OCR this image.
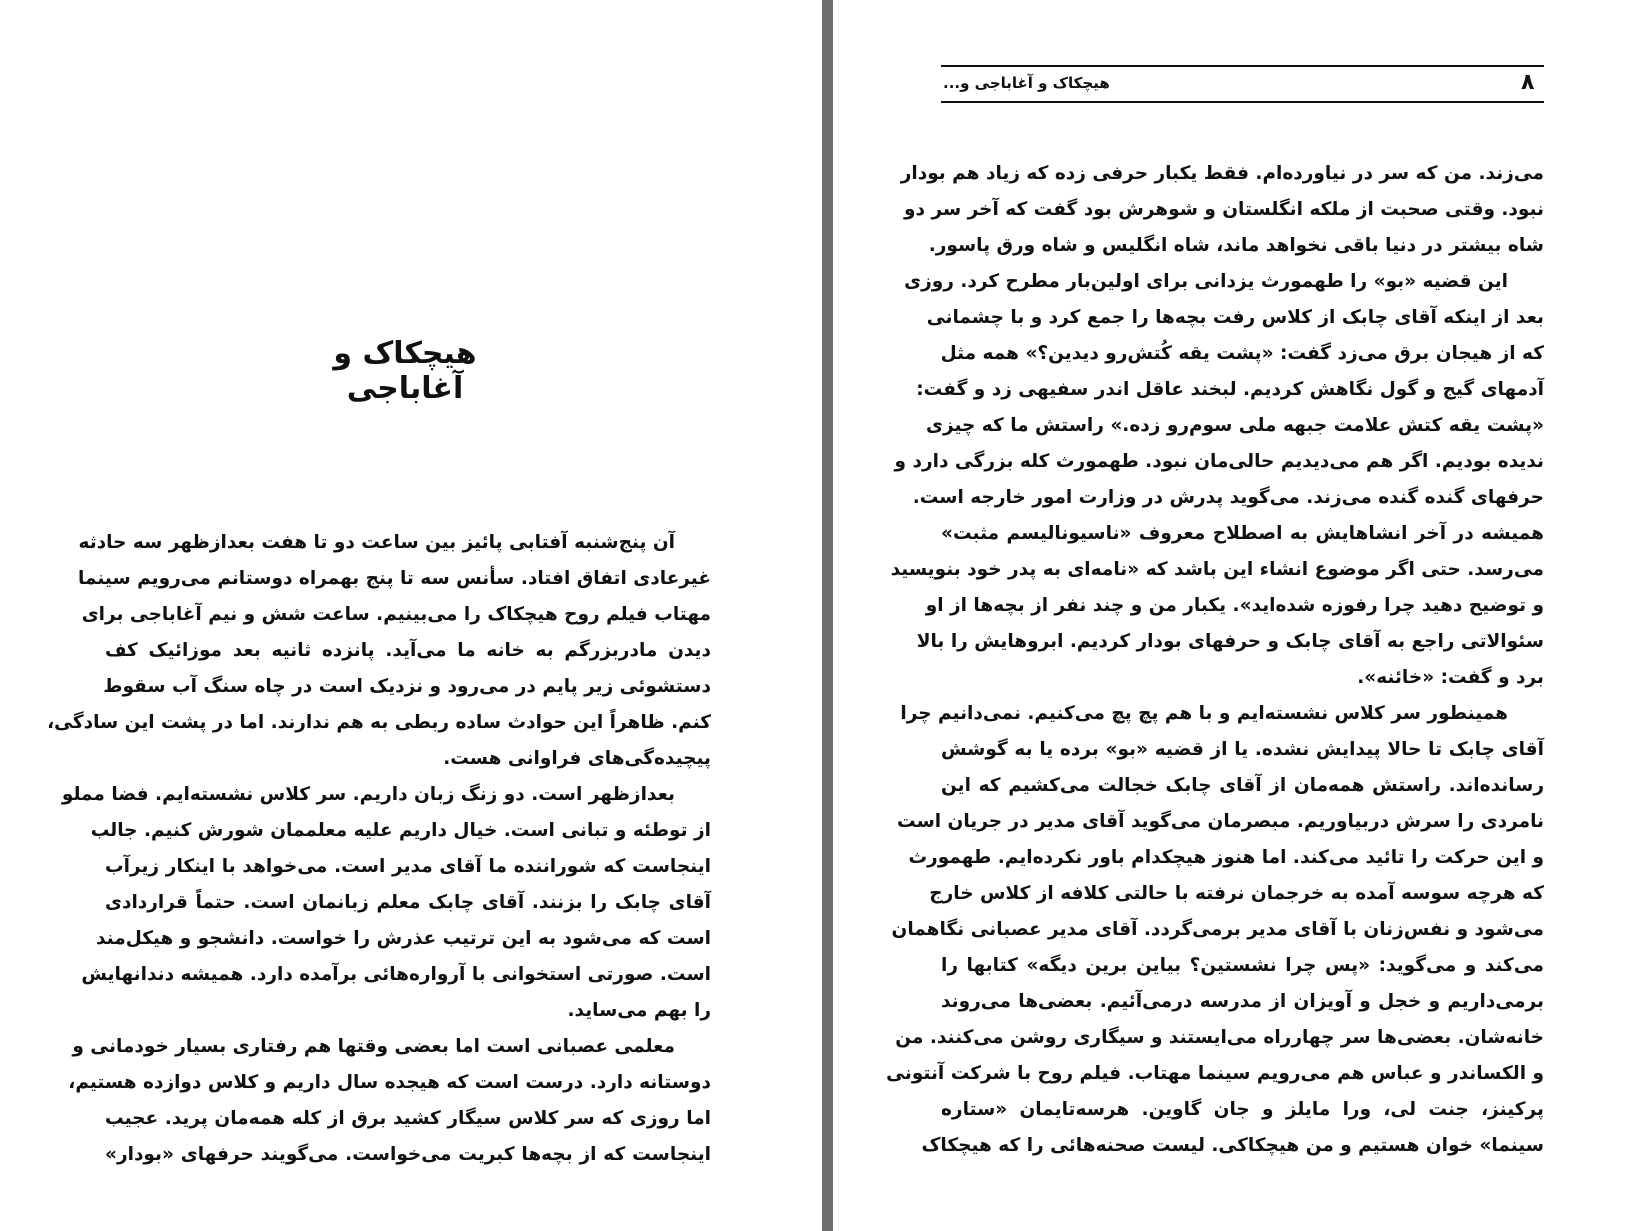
هیچکاک و آغاباجی
آن پنج‌شنبه آفتابی پائیز بین ساعت دو تا هفت بعدازظهر سه حادثه
غیرعادی اتفاق افتاد. سأنس سه تا پنج بهمراه دوستانم می‌رویم سینما
مهتاب فیلم روح هیچکاک را می‌بینیم. ساعت شش و نیم آغاباجی برای
دیدن مادربزرگم به خانه ما می‌آید. پانزده ثانیه بعد موزائیک کف
دستشوئی زیر پایم در می‌رود و نزدیک است در چاه سنگ آب سقوط
کنم. ظاهراً این حوادث ساده ربطی به هم ندارند. اما در پشت این سادگی،
پیچیده‌گی‌های فراوانی هست.
بعدازظهر است. دو زنگ زبان داریم. سر کلاس نشسته‌ایم. فضا مملو
از توطئه و تبانی است. خیال داریم علیه معلممان شورش کنیم. جالب
اینجاست که شوراننده ما آقای مدیر است. می‌خواهد با اینکار زیرآب
آقای چابک را بزنند. آقای چابک معلم زبانمان است. حتماً قراردادی
است که می‌شود به این ترتیب عذرش را خواست. دانشجو و هیکل‌مند
است. صورتی استخوانی با آرواره‌هائی برآمده دارد. همیشه دندانهایش
را بهم می‌ساید.
معلمی عصبانی است اما بعضی وقتها هم رفتاری بسیار خودمانی و
دوستانه دارد. درست است که هیجده سال داریم و کلاس دوازده هستیم،
اما روزی که سر کلاس سیگار کشید برق از کله همه‌مان پرید. عجیب
اینجاست که از بچه‌ها کبریت می‌خواست. می‌گویند حرفهای «بودار»
۸
هیچکاک و آغاباجی و...
می‌زند. من که سر در نیاورده‌ام. فقط یکبار حرفی زده که زیاد هم بودار
نبود. وقتی صحبت از ملکه انگلستان و شوهرش بود گفت که آخر سر دو
شاه بیشتر در دنیا باقی نخواهد ماند، شاه انگلیس و شاه ورق پاسور.
این قضیه «بو» را طهمورث یزدانی برای اولین‌بار مطرح کرد. روزی
بعد از اینکه آقای چابک از کلاس رفت بچه‌ها را جمع کرد و با چشمانی
که از هیجان برق می‌زد گفت: «پشت یقه کُتش‌رو دیدین؟» همه مثل
آدمهای گیج و گول نگاهش کردیم. لبخند عاقل اندر سفیهی زد و گفت:
«پشت یقه کتش علامت جبهه ملی سوم‌رو زده.» راستش ما که چیزی
ندیده بودیم. اگر هم می‌دیدیم حالی‌مان نبود. طهمورث کله بزرگی دارد و
حرفهای گنده گنده می‌زند. می‌گوید پدرش در وزارت امور خارجه است.
همیشه در آخر انشاهایش به اصطلاح معروف «ناسیونالیسم مثبت»
می‌رسد. حتی اگر موضوع انشاء این باشد که «نامه‌ای به پدر خود بنویسید
و توضیح دهید چرا رفوزه شده‌اید». یکبار من و چند نفر از بچه‌ها از او
سئوالاتی راجع به آقای چابک و حرفهای بودار کردیم. ابروهایش را بالا
برد و گفت: «خائنه».
همینطور سر کلاس نشسته‌ایم و با هم پچ پچ می‌کنیم. نمی‌دانیم چرا
آقای چابک تا حالا پیدایش نشده. یا از قضیه «بو» برده یا به گوشش
رسانده‌اند. راستش همه‌مان از آقای چابک خجالت می‌کشیم که این
نامردی را سرش دربیاوریم. مبصرمان می‌گوید آقای مدیر در جریان است
و این حرکت را تائید می‌کند. اما هنوز هیچکدام باور نکرده‌ایم. طهمورث
که هرچه سوسه آمده به خرجمان نرفته با حالتی کلافه از کلاس خارج
می‌شود و نفس‌زنان با آقای مدیر برمی‌گردد. آقای مدیر عصبانی نگاهمان
می‌کند و می‌گوید: «پس چرا نشستین؟ بیاین برین دیگه» کتابها را
برمی‌داریم و خجل و آویزان از مدرسه درمی‌آئیم. بعضی‌ها می‌روند
خانه‌شان. بعضی‌ها سر چهارراه می‌ایستند و سیگاری روشن می‌کنند. من
و الکساندر و عباس هم می‌رویم سینما مهتاب. فیلم روح با شرکت آنتونی
پرکینز، جنت لی، ورا مایلز و جان گاوین. هرسه‌تایمان «ستاره
سینما» خوان هستیم و من هیچکاکی. لیست صحنه‌هائی را که هیچکاک
